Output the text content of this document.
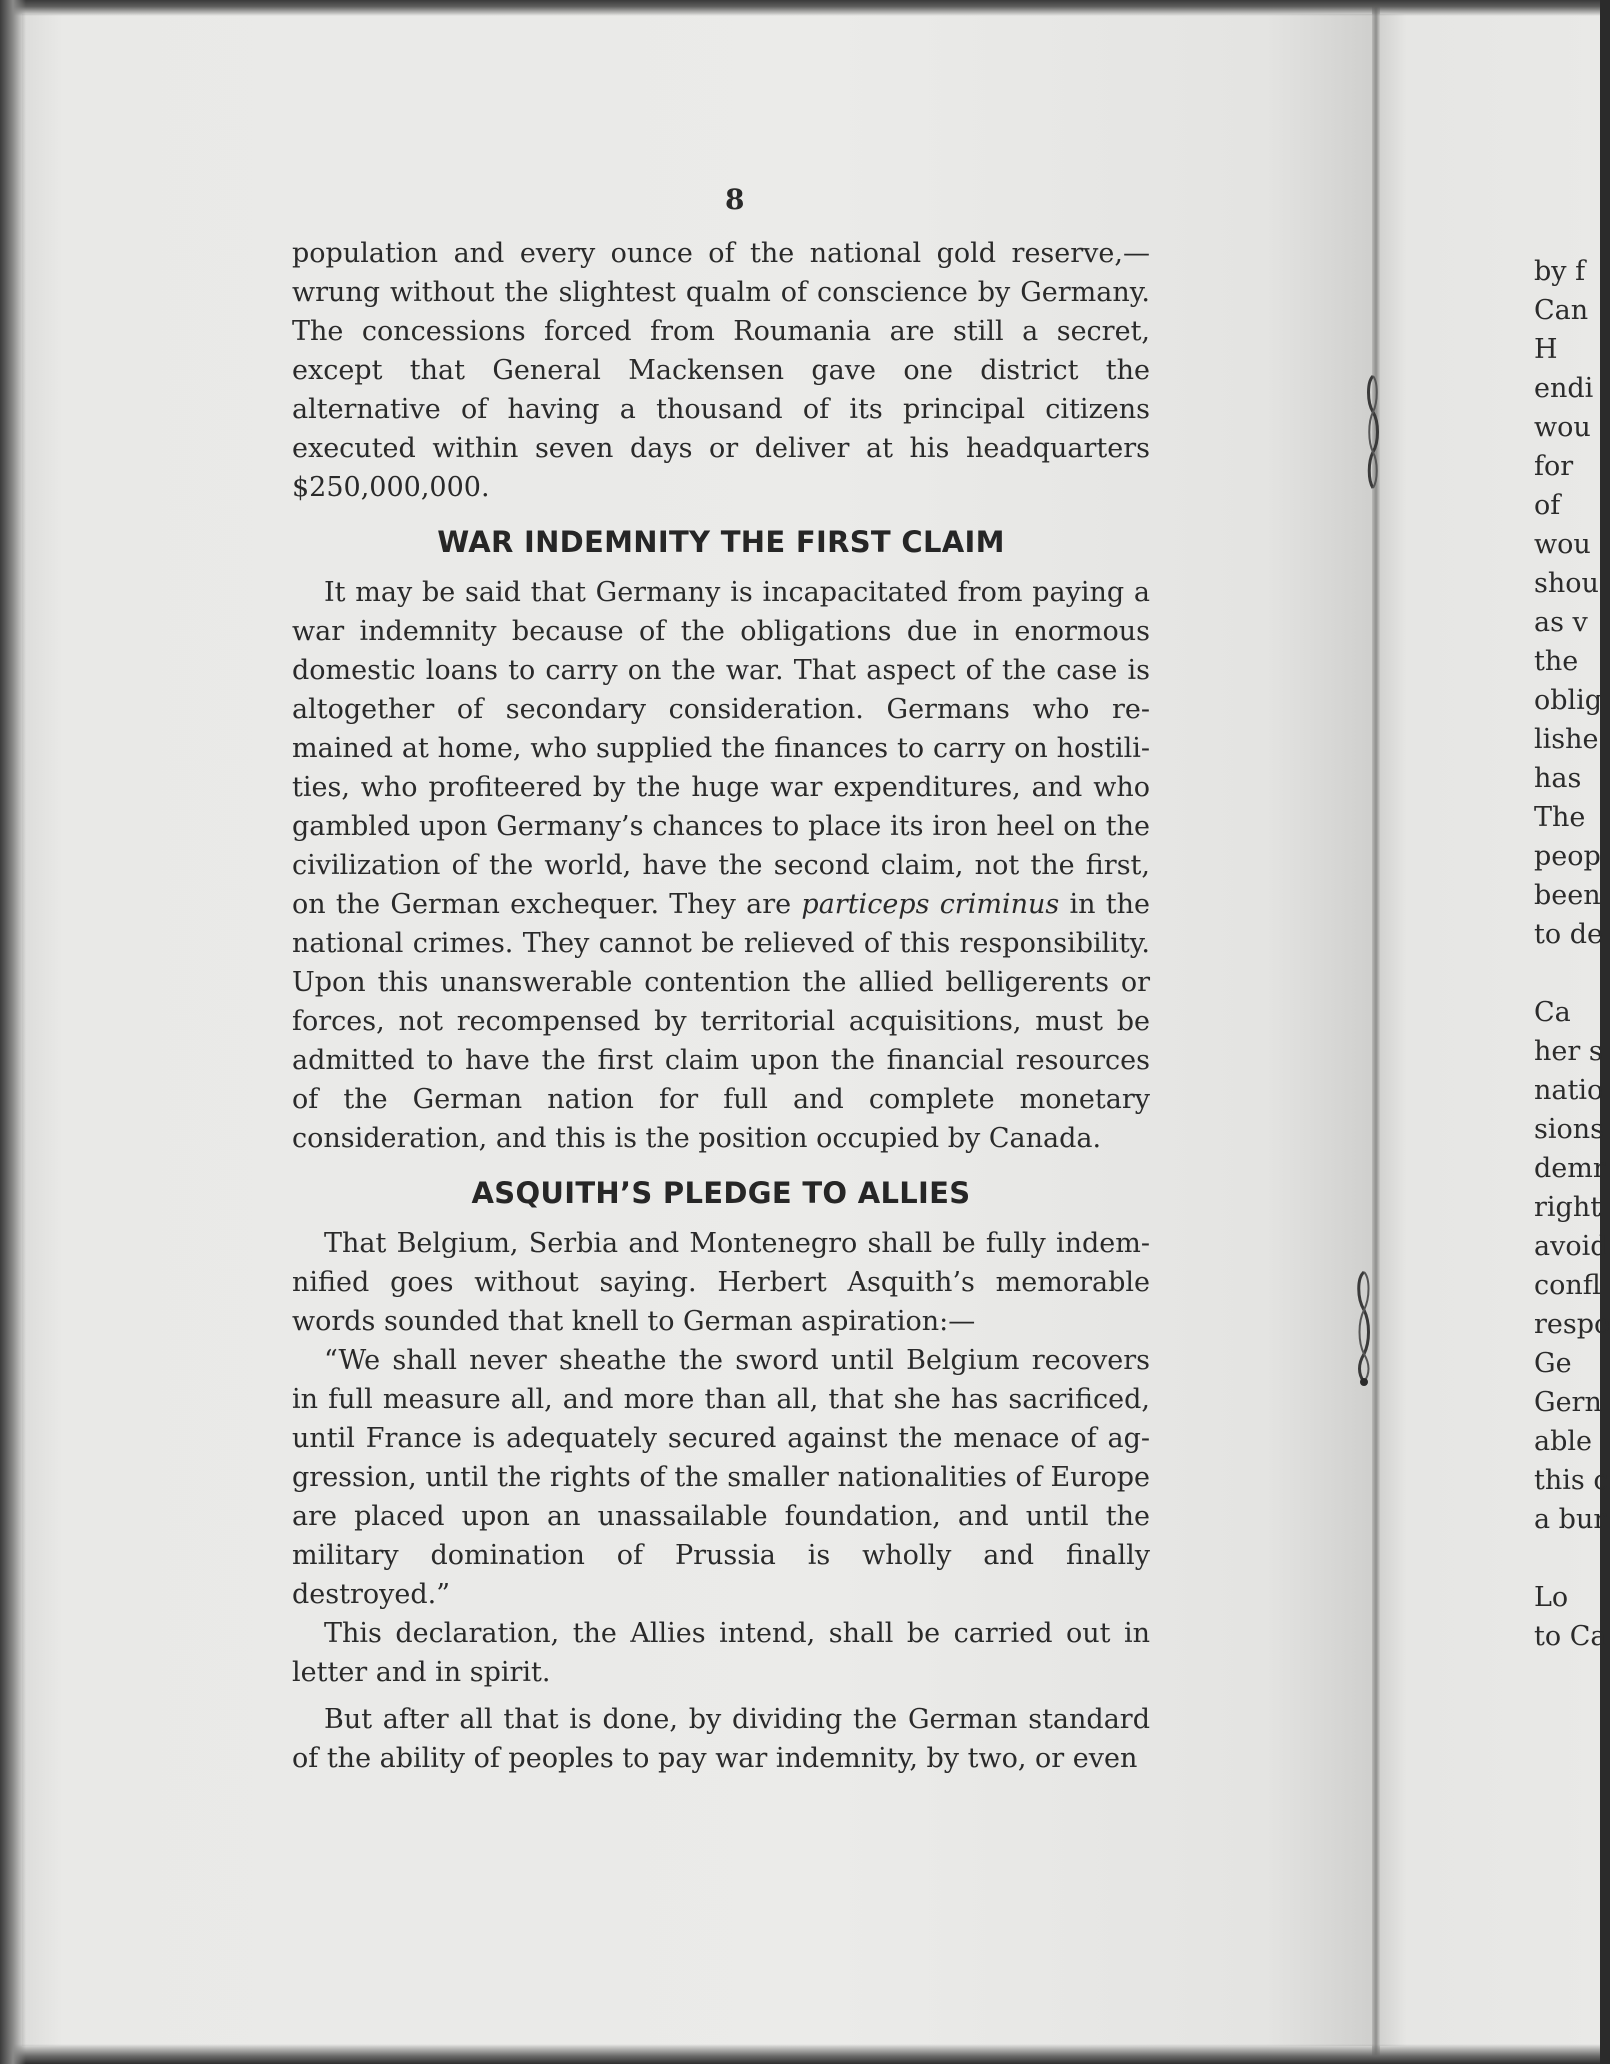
8

population and every ounce of the national gold reserve,—wrung without the slightest qualm of conscience by Germany. The concessions forced from Roumania are still a secret, except that General Mackensen gave one district the alternative of having a thousand of its principal citizens executed within seven days or deliver at his headquarters $250,000,000.

WAR INDEMNITY THE FIRST CLAIM

It may be said that Germany is incapacitated from paying a war indemnity because of the obligations due in enormous domestic loans to carry on the war. That aspect of the case is altogether of secondary consideration. Germans who remained at home, who supplied the finances to carry on hostilities, who profiteered by the huge war expenditures, and who gambled upon Germany’s chances to place its iron heel on the civilization of the world, have the second claim, not the first, on the German exchequer. They are particeps criminus in the national crimes. They cannot be relieved of this responsibility. Upon this unanswerable contention the allied belligerents or forces, not recompensed by territorial acquisitions, must be admitted to have the first claim upon the financial resources of the German nation for full and complete monetary consideration, and this is the position occupied by Canada.

ASQUITH’S PLEDGE TO ALLIES

That Belgium, Serbia and Montenegro shall be fully indemnified goes without saying. Herbert Asquith’s memorable words sounded that knell to German aspiration:—

“We shall never sheathe the sword until Belgium recovers in full measure all, and more than all, that she has sacrificed, until France is adequately secured against the menace of aggression, until the rights of the smaller nationalities of Europe are placed upon an unassailable foundation, and until the military domination of Prussia is wholly and finally destroyed.”

This declaration, the Allies intend, shall be carried out in letter and in spirit.

But after all that is done, by dividing the German standard of the ability of peoples to pay war indemnity, by two, or even

by f
Can
H
endi
wou
for
of
wou
shou
as v
the
oblig
lishe
has
The
peop
been
to de
Ca
her s
natio
sions
demr
right
avoid
confl
respo
Ge
Gern
able
this c
a bur
Lo
to Ca
